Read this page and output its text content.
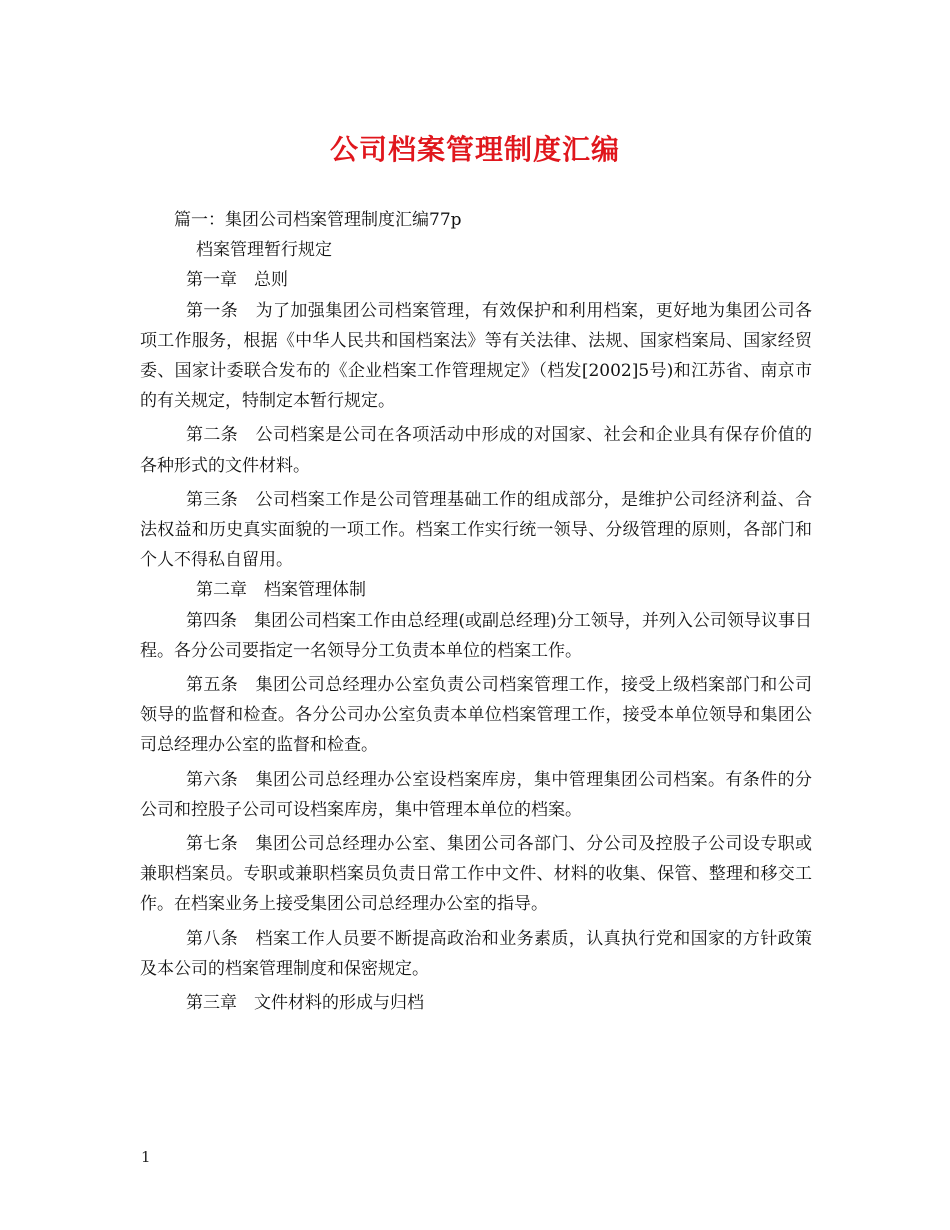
公司档案管理制度汇编

篇一：集团公司档案管理制度汇编77p

档案管理暂行规定

第一章　总则

第一条　为了加强集团公司档案管理，有效保护和利用档案，更好地为集团公司各项工作服务，根据《中华人民共和国档案法》等有关法律、法规、国家档案局、国家经贸委、国家计委联合发布的《企业档案工作管理规定》（档发[2002]5号)和江苏省、南京市的有关规定，特制定本暂行规定。

第二条　公司档案是公司在各项活动中形成的对国家、社会和企业具有保存价值的各种形式的文件材料。

第三条　公司档案工作是公司管理基础工作的组成部分，是维护公司经济利益、合法权益和历史真实面貌的一项工作。档案工作实行统一领导、分级管理的原则，各部门和个人不得私自留用。

第二章　档案管理体制

第四条　集团公司档案工作由总经理(或副总经理)分工领导，并列入公司领导议事日程。各分公司要指定一名领导分工负责本单位的档案工作。

第五条　集团公司总经理办公室负责公司档案管理工作，接受上级档案部门和公司领导的监督和检查。各分公司办公室负责本单位档案管理工作，接受本单位领导和集团公司总经理办公室的监督和检查。

第六条　集团公司总经理办公室设档案库房，集中管理集团公司档案。有条件的分公司和控股子公司可设档案库房，集中管理本单位的档案。

第七条　集团公司总经理办公室、集团公司各部门、分公司及控股子公司设专职或兼职档案员。专职或兼职档案员负责日常工作中文件、材料的收集、保管、整理和移交工作。在档案业务上接受集团公司总经理办公室的指导。

第八条　档案工作人员要不断提高政治和业务素质，认真执行党和国家的方针政策及本公司的档案管理制度和保密规定。

第三章　文件材料的形成与归档

1
